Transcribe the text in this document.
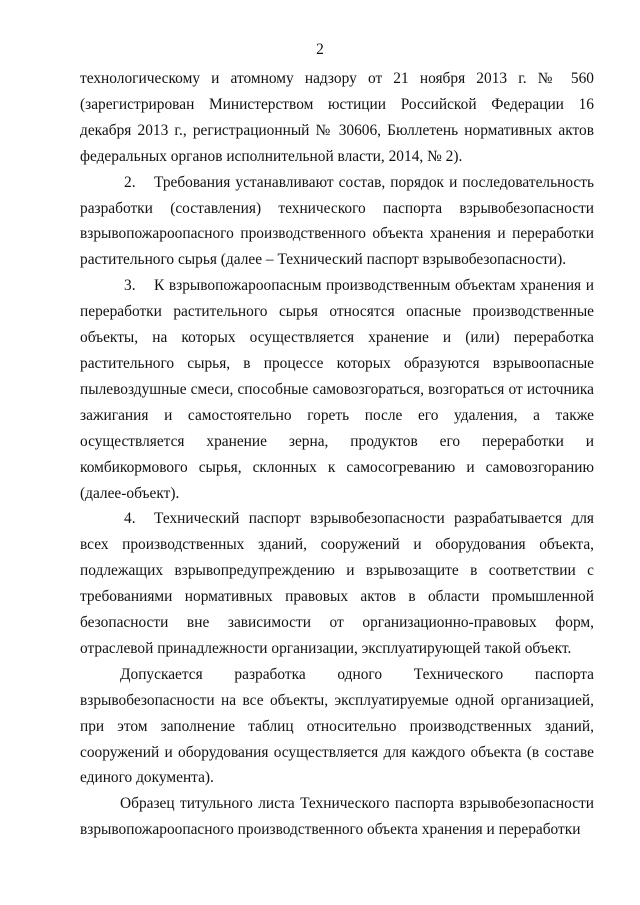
2

технологическому и атомному надзору от 21 ноября 2013 г. № 560 (зарегистрирован Министерством юстиции Российской Федерации 16 декабря 2013 г., регистрационный № 30606, Бюллетень нормативных актов федеральных органов исполнительной власти, 2014, № 2).

2. Требования устанавливают состав, порядок и последовательность разработки (составления) технического паспорта взрывобезопасности взрывопожароопасного производственного объекта хранения и переработки растительного сырья (далее – Технический паспорт взрывобезопасности).

3. К взрывопожароопасным производственным объектам хранения и переработки растительного сырья относятся опасные производственные объекты, на которых осуществляется хранение и (или) переработка растительного сырья, в процессе которых образуются взрывоопасные пылевоздушные смеси, способные самовозгораться, возгораться от источника зажигания и самостоятельно гореть после его удаления, а также осуществляется хранение зерна, продуктов его переработки и комбикормового сырья, склонных к самосогреванию и самовозгоранию (далее-объект).

4. Технический паспорт взрывобезопасности разрабатывается для всех производственных зданий, сооружений и оборудования объекта, подлежащих взрывопредупреждению и взрывозащите в соответствии с требованиями нормативных правовых актов в области промышленной безопасности вне зависимости от организационно-правовых форм, отраслевой принадлежности организации, эксплуатирующей такой объект.

Допускается разработка одного Технического паспорта взрывобезопасности на все объекты, эксплуатируемые одной организацией, при этом заполнение таблиц относительно производственных зданий, сооружений и оборудования осуществляется для каждого объекта (в составе единого документа).

Образец титульного листа Технического паспорта взрывобезопасности взрывопожароопасного производственного объекта хранения и переработки
